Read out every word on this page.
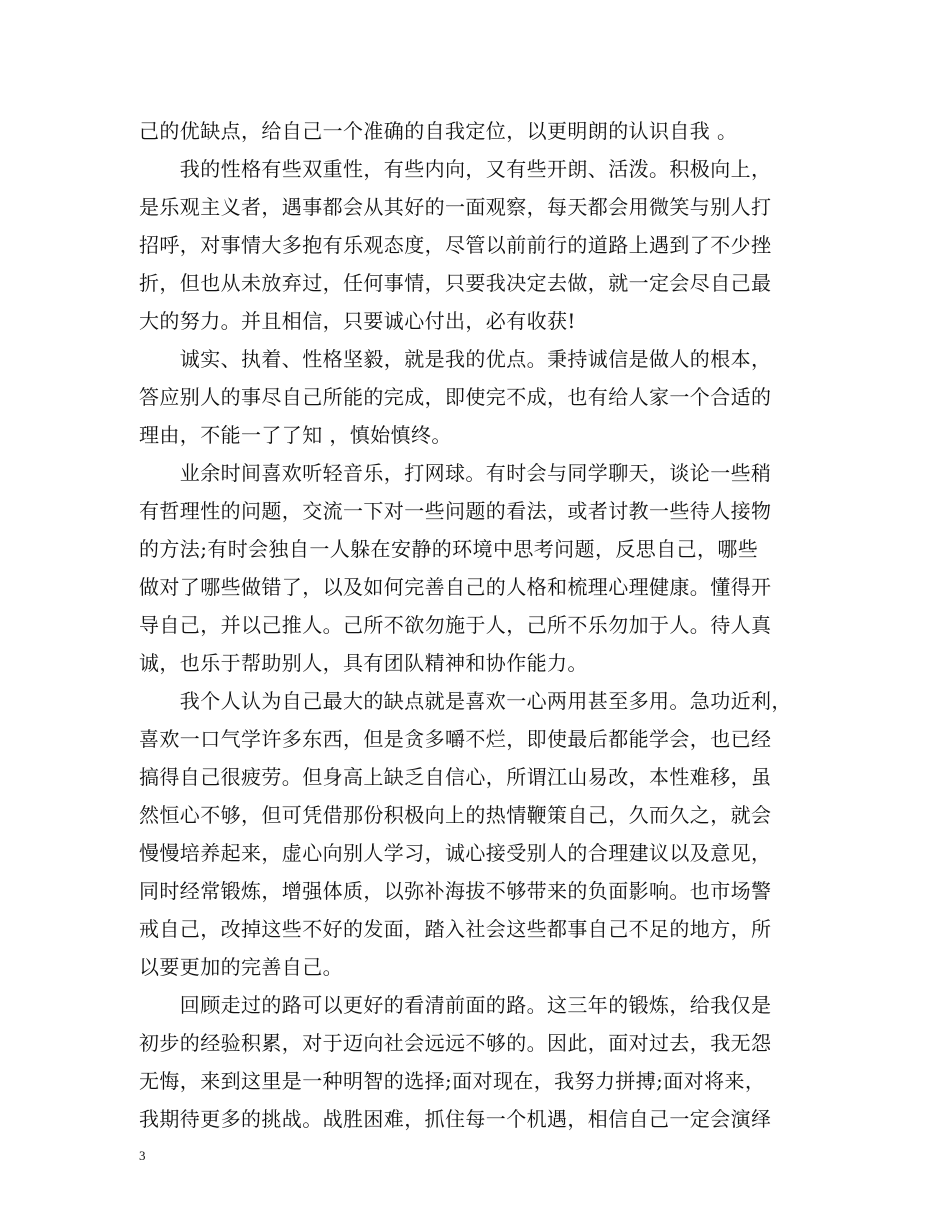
己的优缺点，给自己一个准确的自我定位，以更明朗的认识自我 。
　　我的性格有些双重性，有些内向，又有些开朗、活泼。积极向上，
是乐观主义者，遇事都会从其好的一面观察，每天都会用微笑与别人打
招呼，对事情大多抱有乐观态度，尽管以前前行的道路上遇到了不少挫
折，但也从未放弃过，任何事情，只要我决定去做，就一定会尽自己最
大的努力。并且相信，只要诚心付出，必有收获!
　　诚实、执着、性格坚毅，就是我的优点。秉持诚信是做人的根本，
答应别人的事尽自己所能的完成，即使完不成，也有给人家一个合适的
理由，不能一了了知 ，慎始慎终。
　　业余时间喜欢听轻音乐，打网球。有时会与同学聊天，谈论一些稍
有哲理性的问题，交流一下对一些问题的看法，或者讨教一些待人接物
的方法;有时会独自一人躲在安静的环境中思考问题，反思自己，哪些
做对了哪些做错了，以及如何完善自己的人格和梳理心理健康。懂得开
导自己，并以己推人。己所不欲勿施于人，己所不乐勿加于人。待人真
诚，也乐于帮助别人，具有团队精神和协作能力。
　　我个人认为自己最大的缺点就是喜欢一心两用甚至多用。急功近利，
喜欢一口气学许多东西，但是贪多嚼不烂，即使最后都能学会，也已经
搞得自己很疲劳。但身高上缺乏自信心，所谓江山易改，本性难移，虽
然恒心不够，但可凭借那份积极向上的热情鞭策自己，久而久之，就会
慢慢培养起来，虚心向别人学习，诚心接受别人的合理建议以及意见，
同时经常锻炼，增强体质，以弥补海拔不够带来的负面影响。也市场警
戒自己，改掉这些不好的发面，踏入社会这些都事自己不足的地方，所
以要更加的完善自己。
　　回顾走过的路可以更好的看清前面的路。这三年的锻炼，给我仅是
初步的经验积累，对于迈向社会远远不够的。因此，面对过去，我无怨
无悔，来到这里是一种明智的选择;面对现在，我努力拼搏;面对将来，
我期待更多的挑战。战胜困难，抓住每一个机遇，相信自己一定会演绎
3
